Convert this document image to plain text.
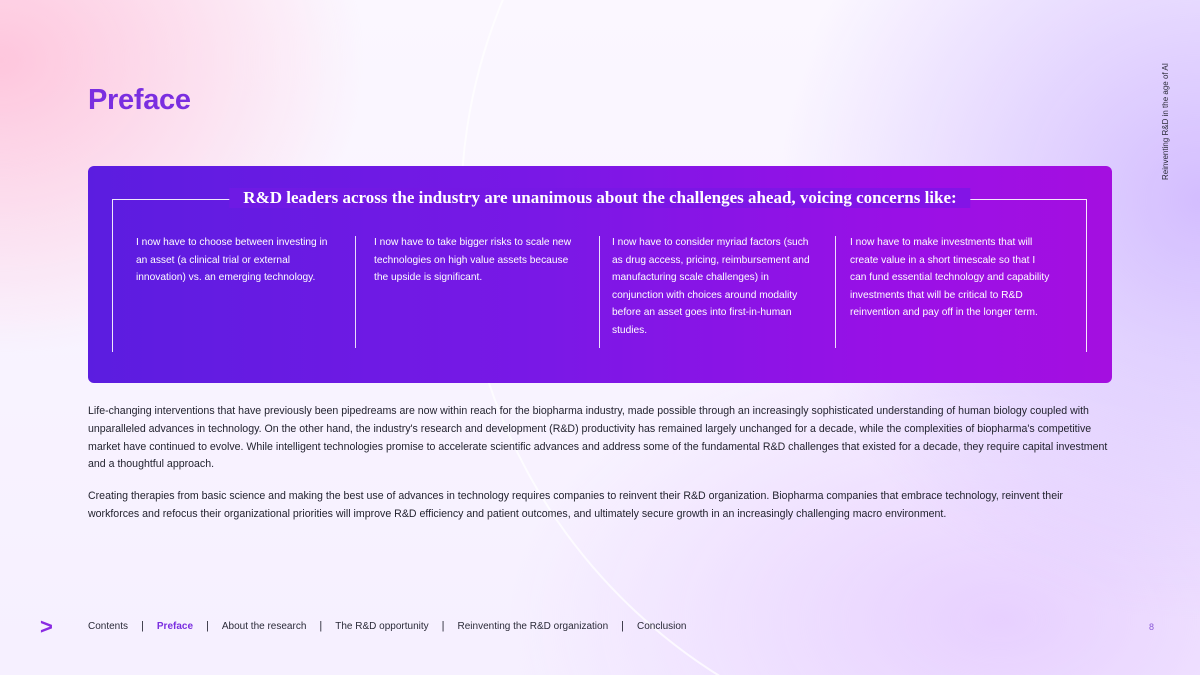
Reinventing R&D in the age of AI
Preface
R&D leaders across the industry are unanimous about the challenges ahead, voicing concerns like:

I now have to choose between investing in an asset (a clinical trial or external innovation) vs. an emerging technology.

I now have to take bigger risks to scale new technologies on high value assets because the upside is significant.

I now have to consider myriad factors (such as drug access, pricing, reimbursement and manufacturing scale challenges) in conjunction with choices around modality before an asset goes into first-in-human studies.

I now have to make investments that will create value in a short timescale so that I can fund essential technology and capability investments that will be critical to R&D reinvention and pay off in the longer term.

Life-changing interventions that have previously been pipedreams are now within reach for the biopharma industry, made possible through an increasingly sophisticated understanding of human biology coupled with unparalleled advances in technology. On the other hand, the industry's research and development (R&D) productivity has remained largely unchanged for a decade, while the complexities of biopharma's competitive market have continued to evolve. While intelligent technologies promise to accelerate scientific advances and address some of the fundamental R&D challenges that existed for a decade, they require capital investment and a thoughtful approach.

Creating therapies from basic science and making the best use of advances in technology requires companies to reinvent their R&D organization. Biopharma companies that embrace technology, reinvent their workforces and refocus their organizational priorities will improve R&D efficiency and patient outcomes, and ultimately secure growth in an increasingly challenging macro environment.

>	Contents | Preface | About the research | The R&D opportunity | Reinventing the R&D organization | Conclusion	8
